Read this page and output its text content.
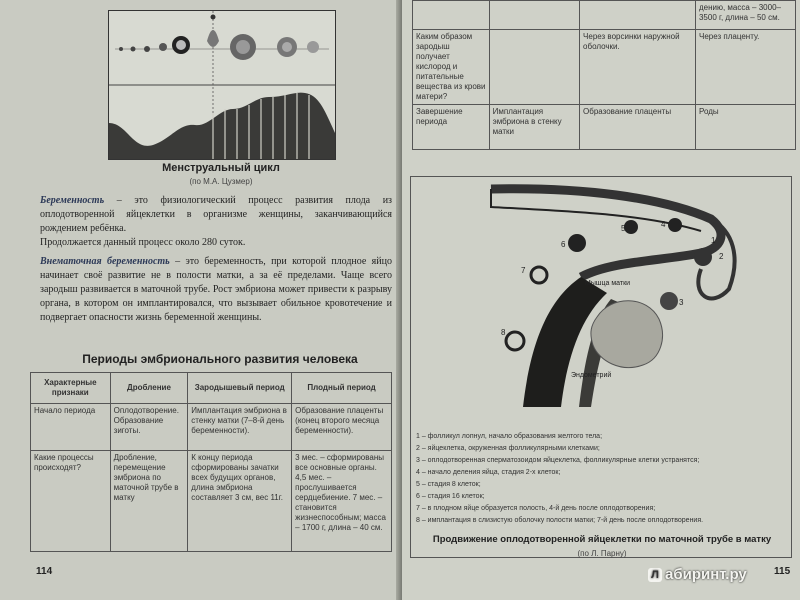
Менструальный цикл
(по М.А. Цузмер)

Беременность – это физиологический процесс развития плода из оплодотворенной яйцеклетки в организме женщины, заканчивающийся рождением ребёнка.

Продолжается данный процесс около 280 суток.

Внематочная беременность – это беременность, при которой плодное яйцо начинает своё развитие не в полости матки, а за её пределами. Чаще всего зародыш развивается в маточной трубе. Рост эмбриона может привести к разрыву органа, в котором он имплантировался, что вызывает обильное кровотечение и подвергает опасности жизнь беременной женщины.

Периоды эмбрионального развития человека
Характерные признаки	Дробление	Зародышевый период	Плодный период
Начало периода	Оплодотворение. Образование зиготы.	Имплантация эмбриона в стенку матки (7–8-й день беременности).	Образование плаценты (конец второго месяца беременности).
Какие процессы происходят?	Дробление, перемещение эмбриона по маточной трубе в матку	К концу периода сформированы зачатки всех будущих органов, длина эмбриона составляет 3 см, вес 11г.	3 мес. – сформированы все основные органы. 4,5 мес. – прослушивается сердцебиение. 7 мес. – становится жизнеспособным; масса – 1700 г, длина – 40 см.
114
			дению, масса – 3000–3500 г, длина – 50 см.
Каким образом зародыш получает кислород и питательные вещества из крови матери?		Через ворсинки наружной оболочки.	Через плаценту.
Завершение периода	Имплантация эмбриона в стенку матки	Образование плаценты	Роды
1
2
3
4
5
6
7
8
Мышца матки
Эндометрий
1 – фолликул лопнул, начало образования желтого тела;
2 – яйцеклетка, окруженная фолликулярными клетками;
3 – оплодотворенная сперматозоидом яйцеклетка, фолликулярные клетки устранятся;
4 – начало деления яйца, стадия 2-х клеток;
5 – стадия 8 клеток;
6 – стадия 16 клеток;
7 – в плодном яйце образуется полость, 4-й день после оплодотворения;
8 – имплантация в слизистую оболочку полости матки; 7-й день после оплодотворения.
Продвижение оплодотворенной яйцеклетки по маточной трубе в матку
(по Л. Парну)
115
Л абиринт.ру
